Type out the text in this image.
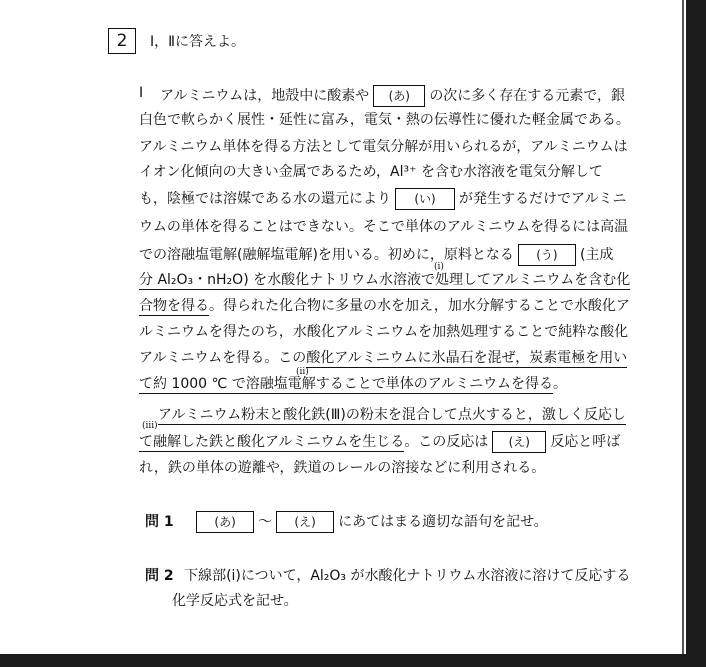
2	Ⅰ，Ⅱに答えよ。
Ⅰ アルミニウムは，地殻中に酸素や (あ) の次に多く存在する元素で，銀
白色で軟らかく展性・延性に富み，電気・熱の伝導性に優れた軽金属である。
アルミニウム単体を得る方法として電気分解が用いられるが，アルミニウムは
イオン化傾向の大きい金属であるため，Al³⁺ を含む水溶液を電気分解して
も，陰極では溶媒である水の還元により (い) が発生するだけでアルミニ
ウムの単体を得ることはできない。そこで単体のアルミニウムを得るには高温
での溶融塩電解(融解塩電解)を用いる。初めに，原料となる (う) (主成
(i)
分 Al₂O₃・nH₂O) を水酸化ナトリウム水溶液で処理してアルミニウムを含む化
合物を得る。得られた化合物に多量の水を加え，加水分解することで水酸化ア
ルミニウムを得たのち，水酸化アルミニウムを加熱処理することで純粋な酸化
アルミニウムを得る。この酸化アルミニウムに氷晶石を混ぜ，炭素電極を用い
(ii)
て約 1000 ℃ で溶融塩電解することで単体のアルミニウムを得る。
アルミニウム粉末と酸化鉄(Ⅲ)の粉末を混合して点火すると，激しく反応し
(iii)
て融解した鉄と酸化アルミニウムを生じる。この反応は (え) 反応と呼ば
れ，鉄の単体の遊離や，鉄道のレールの溶接などに利用される。
問 1	(あ) 〜 (え) にあてはまる適切な語句を記せ。
問 2 下線部(i)について，Al₂O₃ が水酸化ナトリウム水溶液に溶けて反応する
化学反応式を記せ。
